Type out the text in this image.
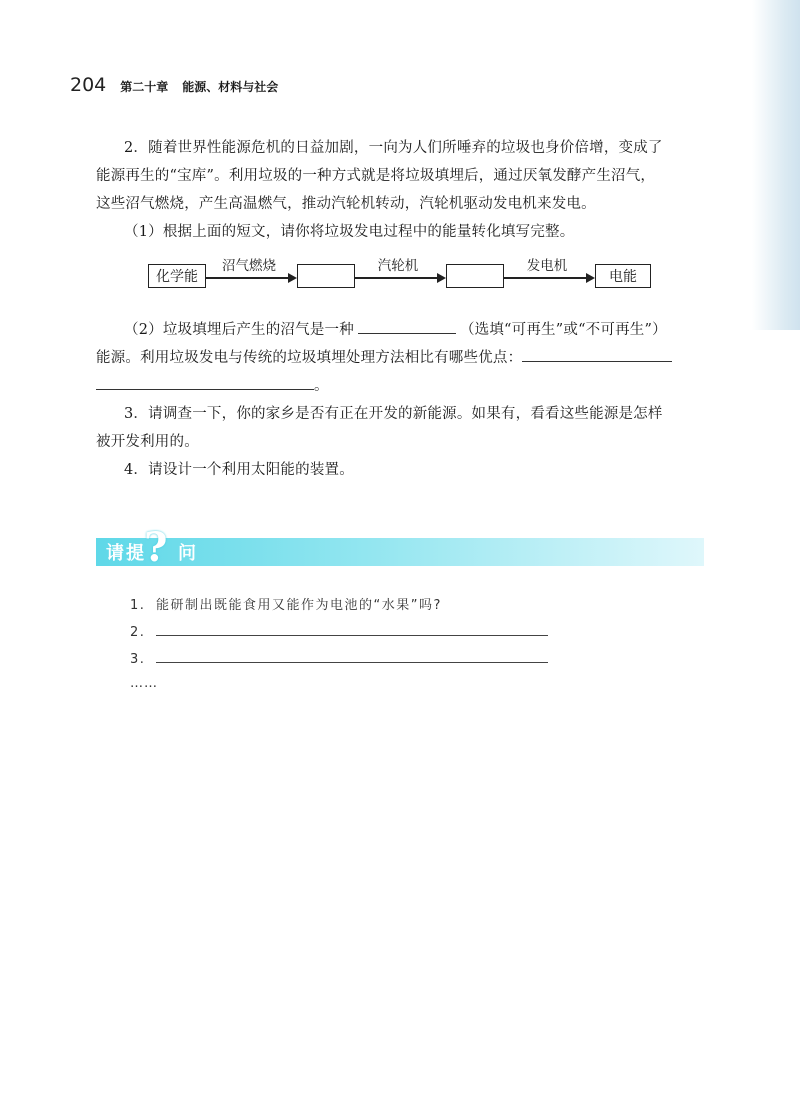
204 第二十章 能源、材料与社会
2．随着世界性能源危机的日益加剧，一向为人们所唾弃的垃圾也身价倍增，变成了
能源再生的“宝库”。利用垃圾的一种方式就是将垃圾填埋后，通过厌氧发酵产生沼气，
这些沼气燃烧，产生高温燃气，推动汽轮机转动，汽轮机驱动发电机来发电。
（1）根据上面的短文，请你将垃圾发电过程中的能量转化填写完整。
化学能
沼气燃烧	汽轮机	发电机
电能
（2）垃圾填埋后产生的沼气是一种	（选填“可再生”或“不可再生”）
能源。利用垃圾发电与传统的垃圾填埋处理方法相比有哪些优点：
。
3．请调查一下，你的家乡是否有正在开发的新能源。如果有，看看这些能源是怎样
被开发利用的。
4．请设计一个利用太阳能的装置。
请提
? 问
1. 能研制出既能食用又能作为电池的“水果”吗?
2.
3.
……
